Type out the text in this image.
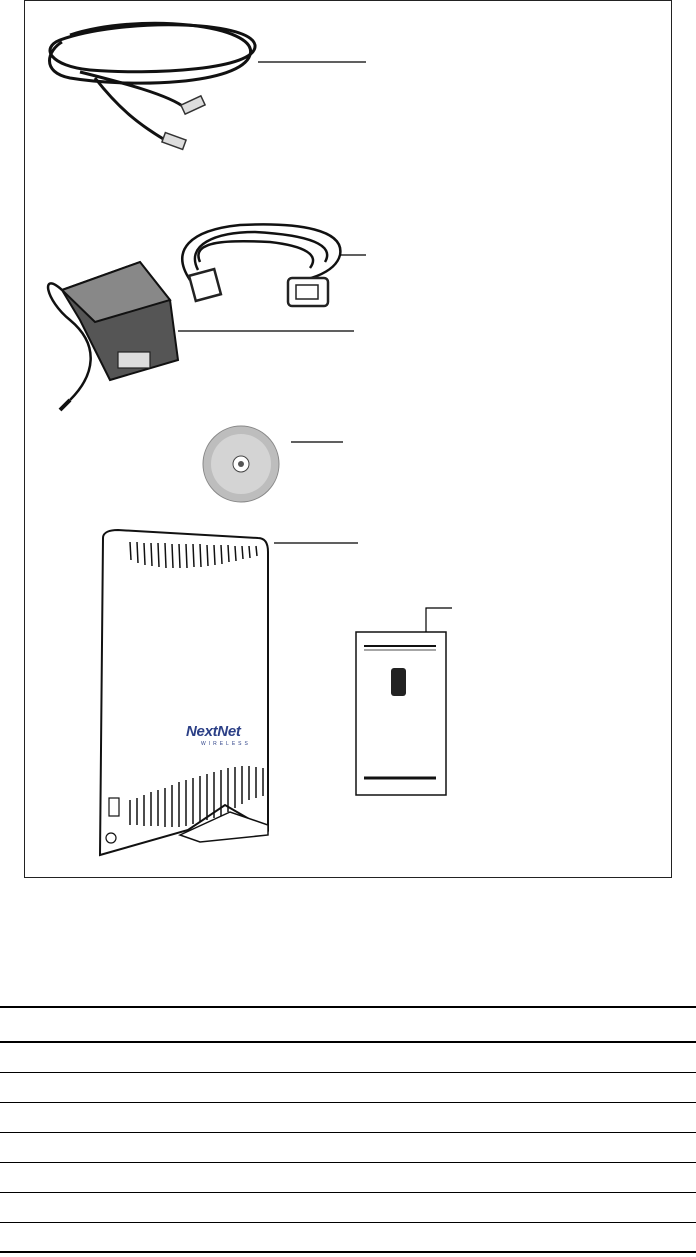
NextNet
WIRELESS
